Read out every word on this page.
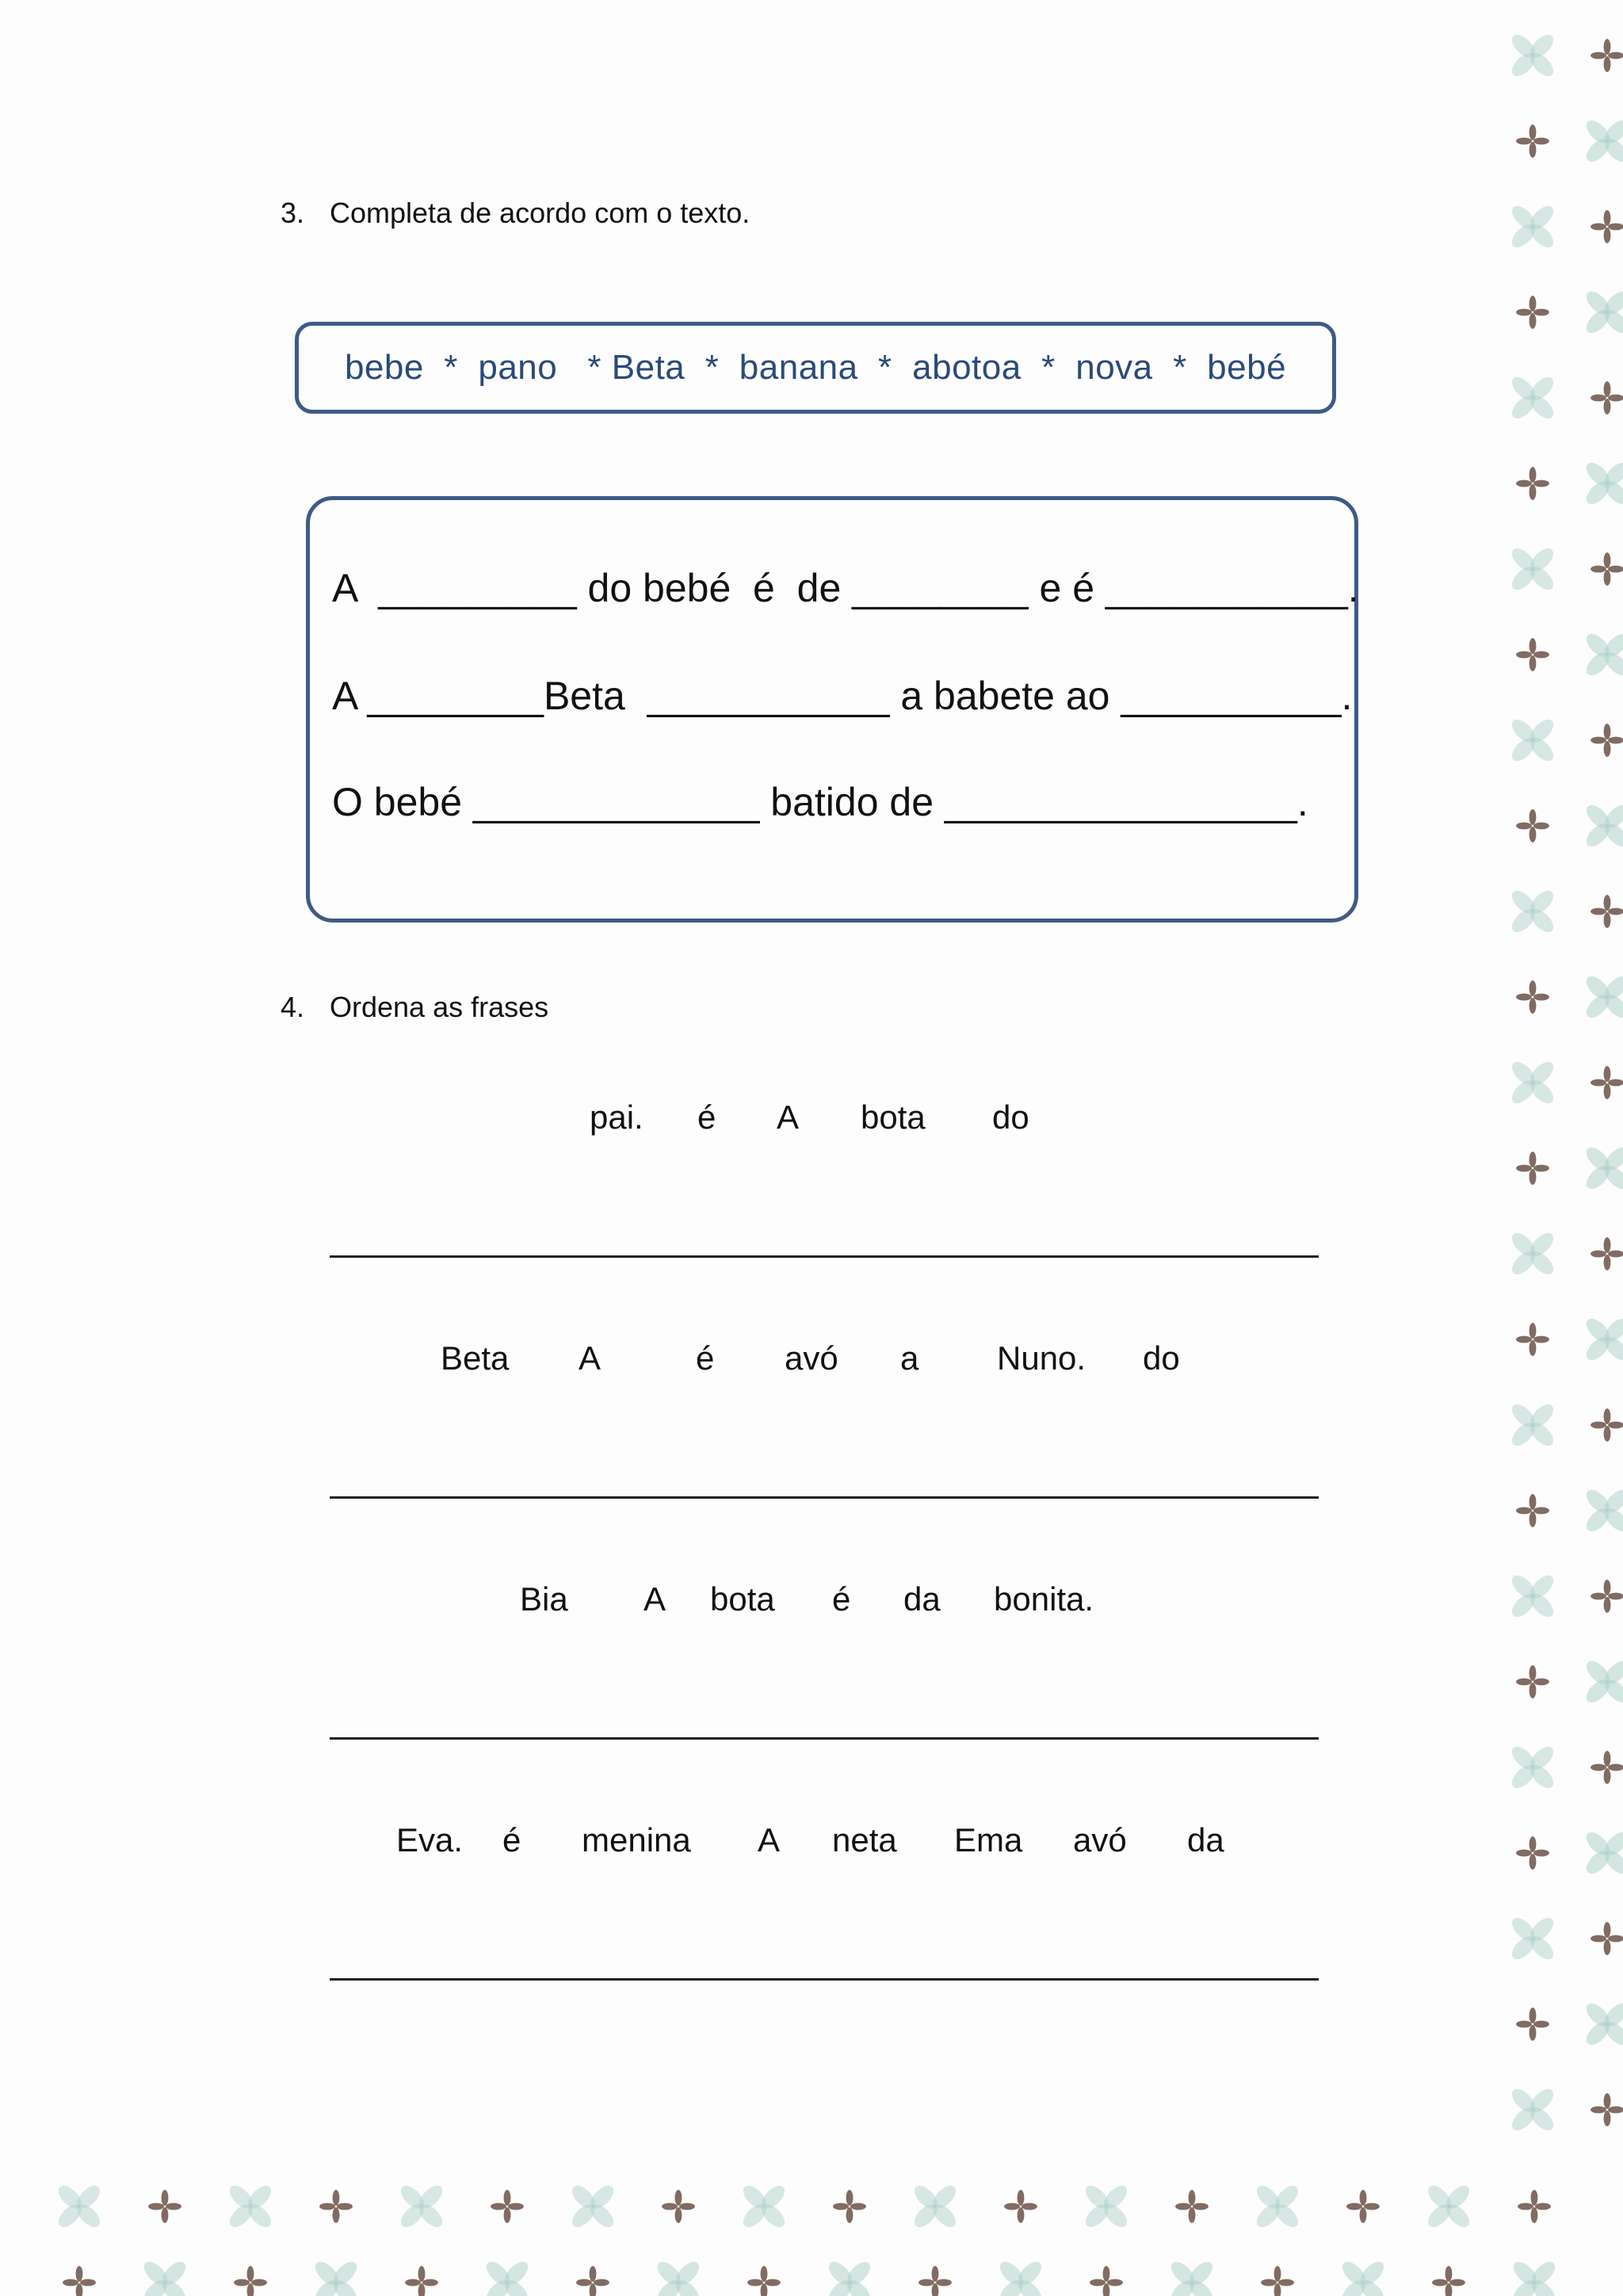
3. Completa de acordo com o texto.
bebe  *  pano   * Beta  *  banana  *  abotoa  *  nova  *  bebé
A  _________ do bebé  é  de ________ e é ___________.
A ________Beta  ___________ a babete ao __________.
O bebé _____________ batido de ________________.
4. Ordena as frases
pai. é A bota do
Beta A	é avó a Nuno. do
Bia A bota é da bonita.
Eva. é menina A neta Ema avó da
